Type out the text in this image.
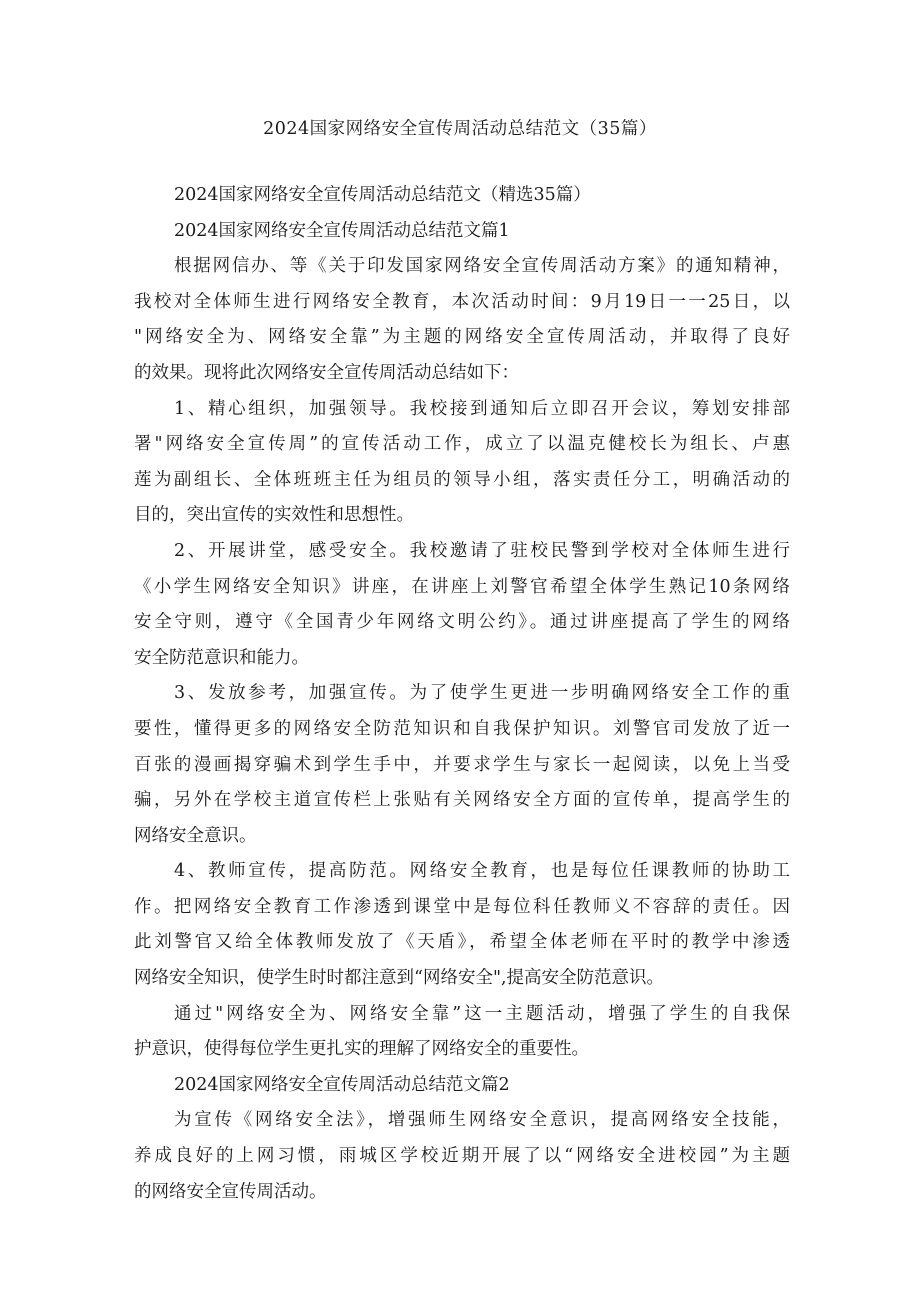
2024国家网络安全宣传周活动总结范文（35篇）
2024国家网络安全宣传周活动总结范文（精选35篇）
2024国家网络安全宣传周活动总结范文篇1
根据网信办、等《关于印发国家网络安全宣传周活动方案》的通知精神，
我校对全体师生进行网络安全教育，本次活动时间：9月19日一一25日，以
"网络安全为、网络安全靠”为主题的网络安全宣传周活动，并取得了良好
的效果。现将此次网络安全宣传周活动总结如下：
1、精心组织，加强领导。我校接到通知后立即召开会议，筹划安排部
署"网络安全宣传周”的宣传活动工作，成立了以温克健校长为组长、卢惠
莲为副组长、全体班班主任为组员的领导小组，落实责任分工，明确活动的
目的，突出宣传的实效性和思想性。
2、开展讲堂，感受安全。我校邀请了驻校民警到学校对全体师生进行
《小学生网络安全知识》讲座，在讲座上刘警官希望全体学生熟记10条网络
安全守则，遵守《全国青少年网络文明公约》。通过讲座提高了学生的网络
安全防范意识和能力。
3、发放参考，加强宣传。为了使学生更进一步明确网络安全工作的重
要性，懂得更多的网络安全防范知识和自我保护知识。刘警官司发放了近一
百张的漫画揭穿骗术到学生手中，并要求学生与家长一起阅读，以免上当受
骗，另外在学校主道宣传栏上张贴有关网络安全方面的宣传单，提高学生的
网络安全意识。
4、教师宣传，提高防范。网络安全教育，也是每位任课教师的协助工
作。把网络安全教育工作渗透到课堂中是每位科任教师义不容辞的责任。因
此刘警官又给全体教师发放了《天盾》，希望全体老师在平时的教学中渗透
网络安全知识，使学生时时都注意到“网络安全",提高安全防范意识。
通过"网络安全为、网络安全靠”这一主题活动，增强了学生的自我保
护意识，使得每位学生更扎实的理解了网络安全的重要性。
2024国家网络安全宣传周活动总结范文篇2
为宣传《网络安全法》，增强师生网络安全意识，提高网络安全技能，
养成良好的上网习惯，雨城区学校近期开展了以“网络安全进校园”为主题
的网络安全宣传周活动。
